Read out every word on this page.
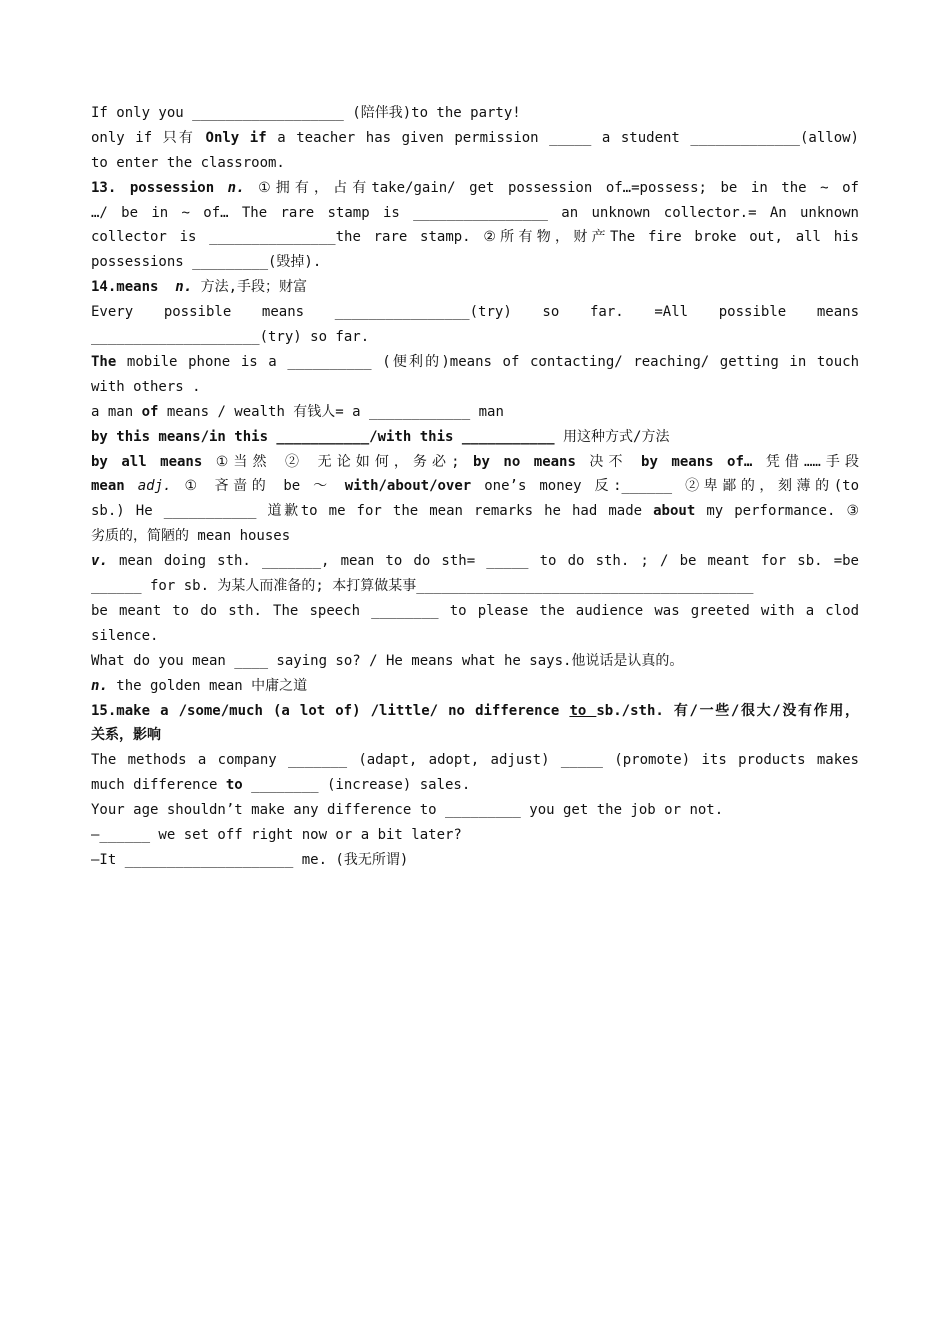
If only you __________________ (陪伴我)to the party!
only if 只有 Only if a teacher has given permission _____ a student _____________(allow)
to enter the classroom.
13. possession n. ①拥有，占有take/gain/ get possession of…=possess; be in the ~ of
…/ be in ~ of… The rare stamp is ________________ an unknown collector.= An unknown
collector is _______________the rare stamp. ②所有物，财产The fire broke out, all his
possessions _________(毁掉).
14.means n. 方法,手段；财富
Every possible means ________________(try) so far. =All possible means
____________________(try) so far.
The mobile phone is a __________ (便利的)means of contacting/ reaching/ getting in touch
with others .
a man of means / wealth 有钱人= a ____________ man
by this means/in this ___________/with this ___________ 用这种方式/方法
by all means ①当然 ② 无论如何，务必; by no means 决不 by means of… 凭借……手段
mean adj. ① 吝啬的 be ～ with/about/over one’s money 反:______ ②卑鄙的，刻薄的(to
sb.) He ___________ 道歉to me for the mean remarks he had made about my performance. ③
劣质的，简陋的 mean houses
v. mean doing sth. _______, mean to do sth= _____ to do sth. ; / be meant for sb. =be
______ for sb. 为某人而准备的; 本打算做某事________________________________________
be meant to do sth. The speech ________ to please the audience was greeted with a clod
silence.
What do you mean ____ saying so? / He means what he says.他说话是认真的。
n. the golden mean 中庸之道
15.make a /some/much (a lot of) /little/ no difference to sb./sth. 有/一些/很大/没有作用，
关系，影响
The methods a company _______ (adapt, adopt, adjust) _____ (promote) its products makes
much difference to ________ (increase) sales.
Your age shouldn’t make any difference to _________ you get the job or not.
—______ we set off right now or a bit later?
—It ____________________ me. (我无所谓)
